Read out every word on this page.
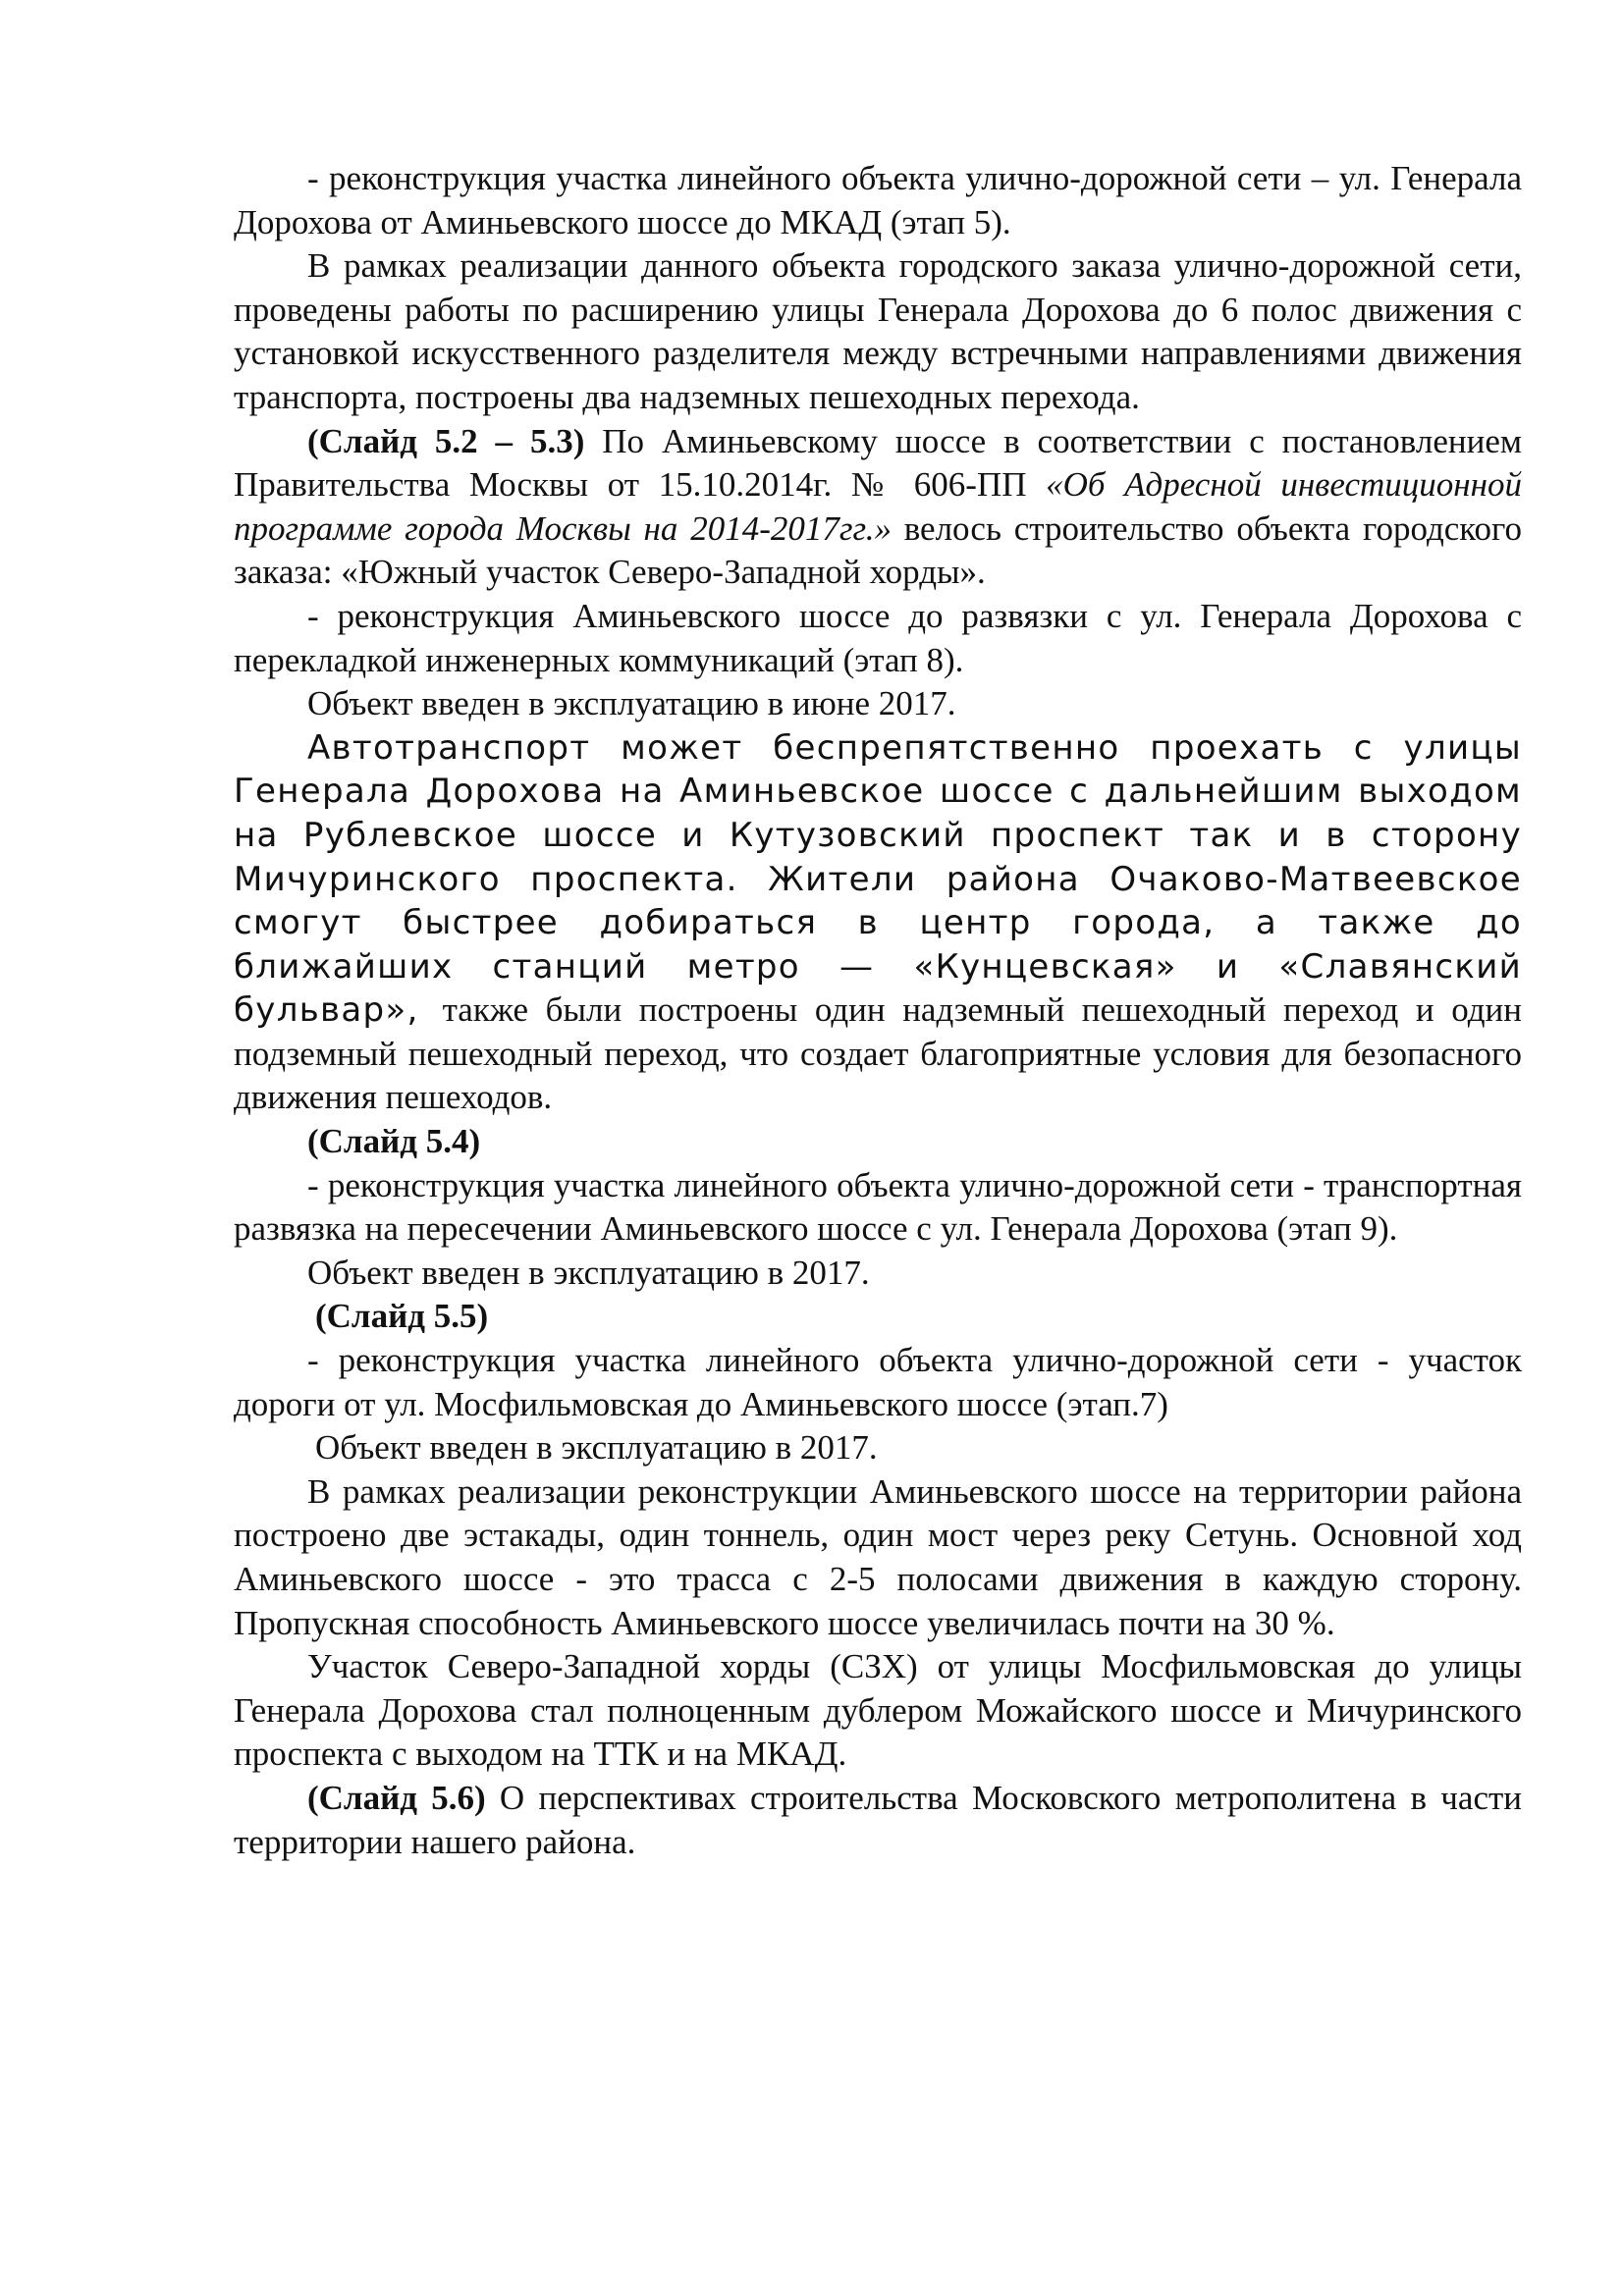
- реконструкция участка линейного объекта улично-дорожной сети – ул. Генерала Дорохова от Аминьевского шоссе до МКАД (этап 5).

В рамках реализации данного объекта городского заказа улично-дорожной сети, проведены работы по расширению улицы Генерала Дорохова до 6 полос движения с установкой искусственного разделителя между встречными направлениями движения транспорта, построены два надземных пешеходных перехода.

(Слайд 5.2 – 5.3) По Аминьевскому шоссе в соответствии с постановлением Правительства Москвы от 15.10.2014г. № 606-ПП «Об Адресной инвестиционной программе города Москвы на 2014-2017гг.» велось строительство объекта городского заказа: «Южный участок Северо-Западной хорды».

- реконструкция Аминьевского шоссе до развязки с ул. Генерала Дорохова с перекладкой инженерных коммуникаций (этап 8).

Объект введен в эксплуатацию в июне 2017.

Автотранспорт может беспрепятственно проехать с улицы Генерала Дорохова на Аминьевское шоссе с дальнейшим выходом на Рублевское шоссе и Кутузовский проспект так и в сторону Мичуринского проспекта. Жители района Очаково-Матвеевское смогут быстрее добираться в центр города, а также до ближайших станций метро — «Кунцевская» и «Славянский бульвар», также были построены один надземный пешеходный переход и один подземный пешеходный переход, что создает благоприятные условия для безопасного движения пешеходов.

(Слайд 5.4)

- реконструкция участка линейного объекта улично-дорожной сети - транспортная развязка на пересечении Аминьевского шоссе с ул. Генерала Дорохова (этап 9).

Объект введен в эксплуатацию в 2017.

(Слайд 5.5)

- реконструкция участка линейного объекта улично-дорожной сети - участок дороги от ул. Мосфильмовская до Аминьевского шоссе (этап.7)

Объект введен в эксплуатацию в 2017.

В рамках реализации реконструкции Аминьевского шоссе на территории района построено две эстакады, один тоннель, один мост через реку Сетунь. Основной ход Аминьевского шоссе - это трасса с 2-5 полосами движения в каждую сторону. Пропускная способность Аминьевского шоссе увеличилась почти на 30 %.

Участок Северо-Западной хорды (СЗХ) от улицы Мосфильмовская до улицы Генерала Дорохова стал полноценным дублером Можайского шоссе и Мичуринского проспекта с выходом на ТТК и на МКАД.

(Слайд 5.6) О перспективах строительства Московского метрополитена в части территории нашего района.
